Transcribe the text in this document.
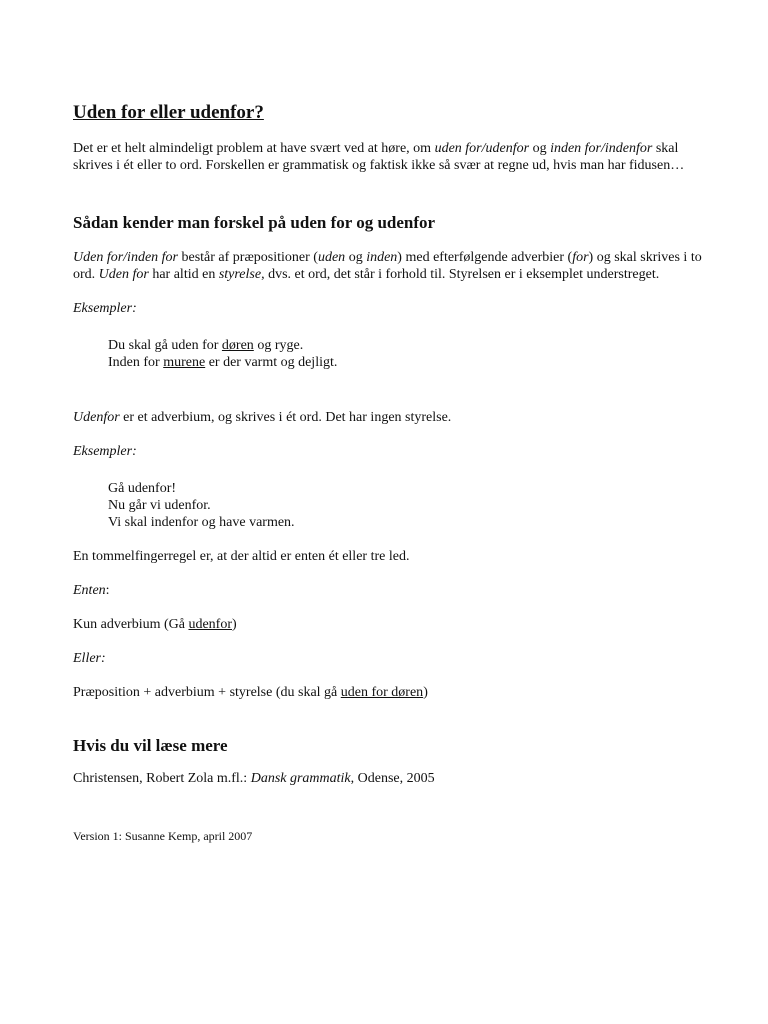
Uden for eller udenfor?

Det er et helt almindeligt problem at have svært ved at høre, om uden for/udenfor og inden for/indenfor skal skrives i ét eller to ord. Forskellen er grammatisk og faktisk ikke så svær at regne ud, hvis man har fidusen…

Sådan kender man forskel på uden for og udenfor

Uden for/inden for består af præpositioner (uden og inden) med efterfølgende adverbier (for) og skal skrives i to ord. Uden for har altid en styrelse, dvs. et ord, det står i forhold til. Styrelsen er i eksemplet understreget.

Eksempler:

Du skal gå uden for døren og ryge.

Inden for murene er der varmt og dejligt.

Udenfor er et adverbium, og skrives i ét ord. Det har ingen styrelse.

Eksempler:

Gå udenfor!

Nu går vi udenfor.

Vi skal indenfor og have varmen.

En tommelfingerregel er, at der altid er enten ét eller tre led.

Enten:

Kun adverbium (Gå udenfor)

Eller:

Præposition + adverbium + styrelse (du skal gå uden for døren)

Hvis du vil læse mere

Christensen, Robert Zola m.fl.: Dansk grammatik, Odense, 2005

Version 1: Susanne Kemp, april 2007
